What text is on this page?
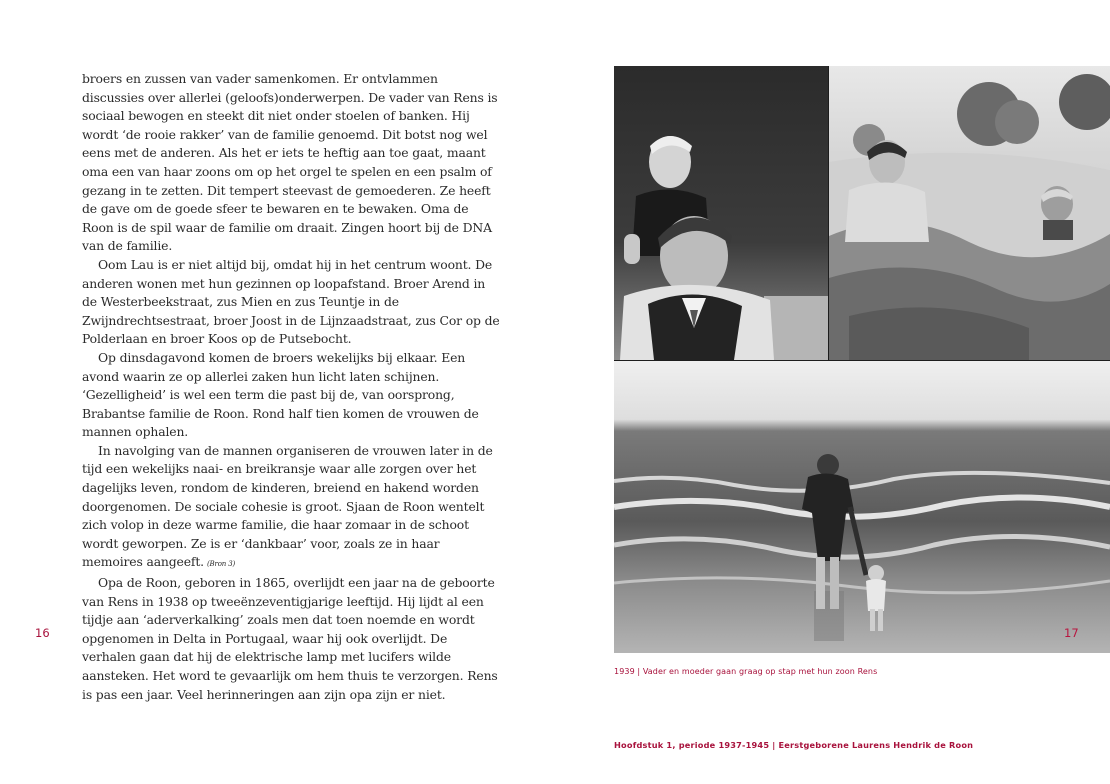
broers en zussen van vader samenkomen. Er ontvlammen discussies over allerlei (geloofs)onderwerpen. De vader van Rens is sociaal bewogen en steekt dit niet onder stoelen of banken. Hij wordt ‘de rooie rakker’ van de familie genoemd. Dit botst nog wel eens met de anderen. Als het er iets te heftig aan toe gaat, maant oma een van haar zoons om op het orgel te spelen en een psalm of gezang in te zetten. Dit tempert steevast de gemoederen. Ze heeft de gave om de goede sfeer te bewaren en te bewaken. Oma de Roon is de spil waar de familie om draait. Zingen hoort bij de DNA van de familie.

Oom Lau is er niet altijd bij, omdat hij in het centrum woont. De anderen wonen met hun gezinnen op loopafstand. Broer Arend in de Westerbeekstraat, zus Mien en zus Teuntje in de Zwijndrechtsestraat, broer Joost in de Lijnzaadstraat, zus Cor op de Polderlaan en broer Koos op de Putsebocht.

Op dinsdagavond komen de broers wekelijks bij elkaar. Een avond waarin ze op allerlei zaken hun licht laten schijnen. ‘Gezelligheid’ is wel een term die past bij de, van oorsprong, Brabantse familie de Roon. Rond half tien komen de vrouwen de mannen ophalen.

In navolging van de mannen organiseren de vrouwen later in de tijd een wekelijks naai- en breikransje waar alle zorgen over het dagelijks leven, rondom de kinderen, breiend en hakend worden doorgenomen. De sociale cohesie is groot. Sjaan de Roon wentelt zich volop in deze warme familie, die haar zomaar in de schoot wordt geworpen. Ze is er ‘dankbaar’ voor, zoals ze in haar memoires aangeeft. (Bron 3)

Opa de Roon, geboren in 1865, overlijdt een jaar na de geboorte van Rens in 1938 op tweeënzeventigjarige leeftijd. Hij lijdt al een tijdje aan ‘aderverkalking’ zoals men dat toen noemde en wordt opgenomen in Delta in Portugaal, waar hij ook overlijdt. De verhalen gaan dat hij de elektrische lamp met lucifers wilde aansteken. Het word te gevaarlijk om hem thuis te verzorgen. Rens is pas een jaar. Veel herinneringen aan zijn opa zijn er niet.

16	17
1939 | Vader en moeder gaan graag op stap met hun zoon Rens
Hoofdstuk 1, periode 1937-1945 | Eerstgeborene Laurens Hendrik de Roon
